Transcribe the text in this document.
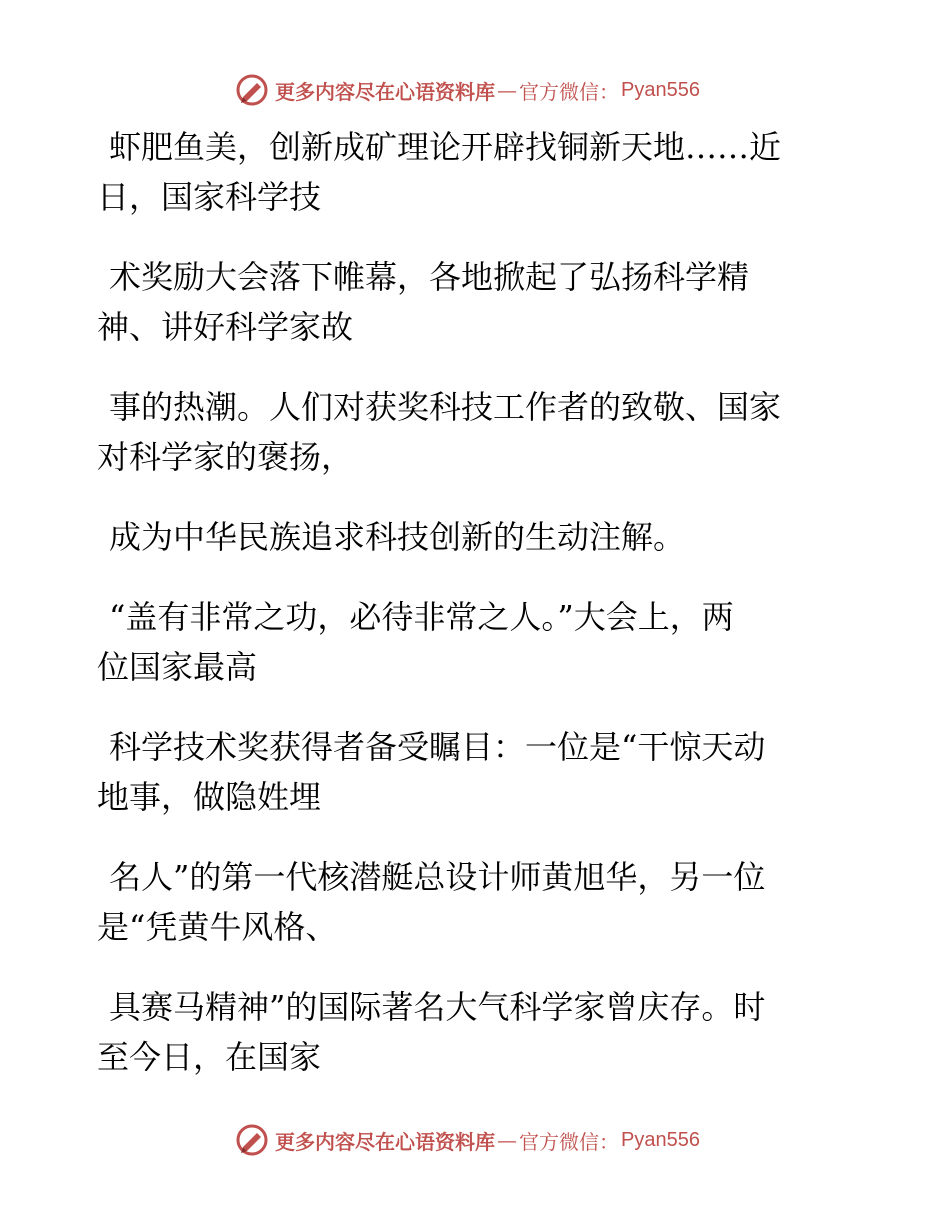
更多内容尽在心语资料库 — 官方微信： Pyan556

虾肥鱼美，创新成矿理论开辟找铜新天地……近
日，国家科学技

术奖励大会落下帷幕，各地掀起了弘扬科学精
神、讲好科学家故

事的热潮。人们对获奖科技工作者的致敬、国家
对科学家的褒扬，

成为中华民族追求科技创新的生动注解。

“盖有非常之功，必待非常之人。”大会上，两
位国家最高

科学技术奖获得者备受瞩目：一位是“干惊天动
地事，做隐姓埋

名人”的第一代核潜艇总设计师黄旭华，另一位
是“凭黄牛风格、

具赛马精神”的国际著名大气科学家曾庆存。时
至今日，在国家

更多内容尽在心语资料库 — 官方微信： Pyan556
